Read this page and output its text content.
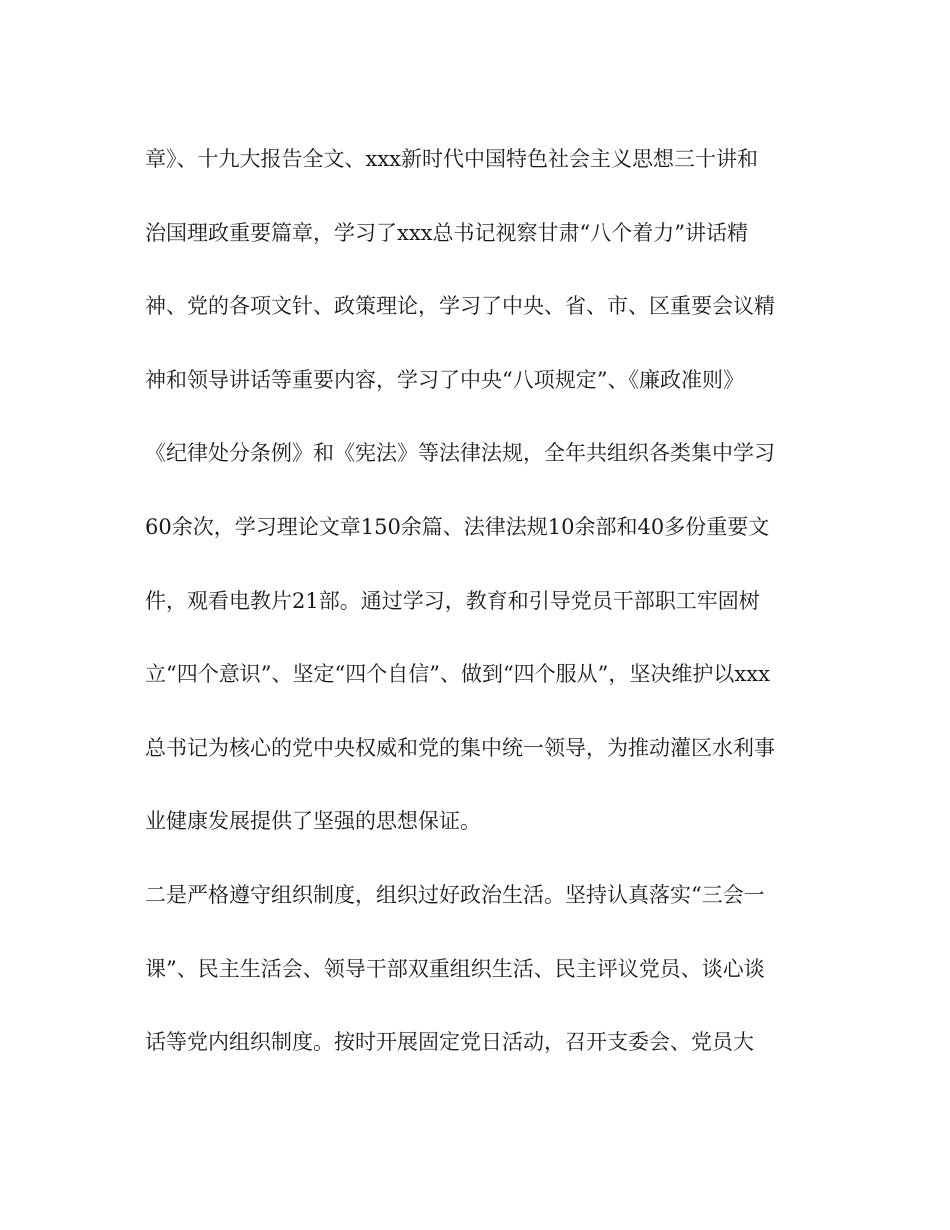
章》、十九大报告全文、xxx新时代中国特色社会主义思想三十讲和
治国理政重要篇章，学习了xxx总书记视察甘肃“八个着力”讲话精
神、党的各项文针、政策理论，学习了中央、省、市、区重要会议精
神和领导讲话等重要内容，学习了中央“八项规定”、《廉政准则》
《纪律处分条例》和《宪法》等法律法规，全年共组织各类集中学习
60余次，学习理论文章150余篇、法律法规10余部和40多份重要文
件，观看电教片21部。通过学习，教育和引导党员干部职工牢固树
立“四个意识”、坚定“四个自信”、做到“四个服从”，坚决维护以xxx
总书记为核心的党中央权威和党的集中统一领导，为推动灌区水利事
业健康发展提供了坚强的思想保证。
二是严格遵守组织制度，组织过好政治生活。坚持认真落实“三会一
课”、民主生活会、领导干部双重组织生活、民主评议党员、谈心谈
话等党内组织制度。按时开展固定党日活动，召开支委会、党员大
